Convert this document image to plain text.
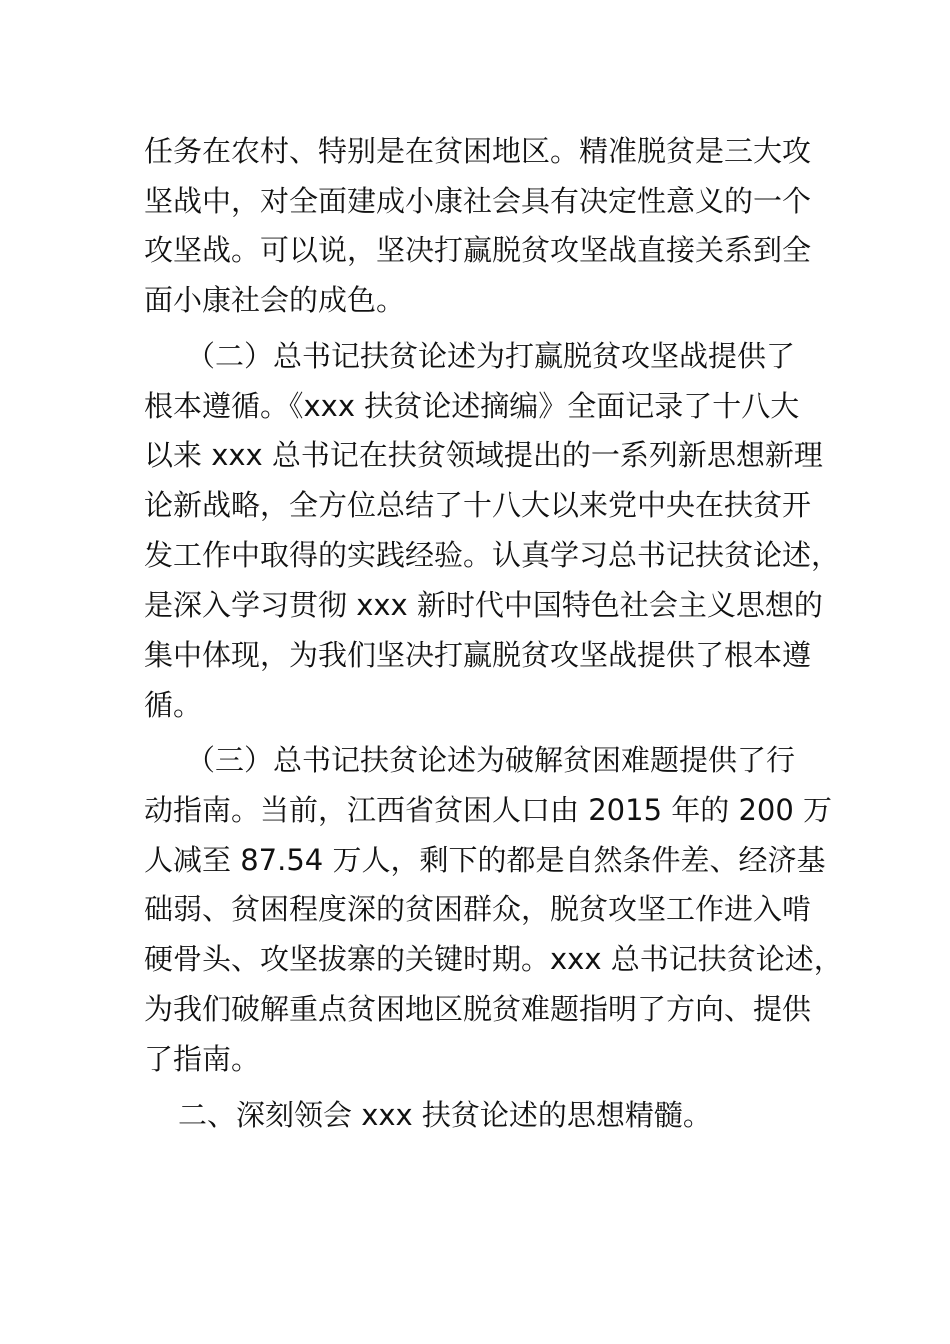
任务在农村、特别是在贫困地区。精准脱贫是三大攻

坚战中，对全面建成小康社会具有决定性意义的一个

攻坚战。可以说，坚决打赢脱贫攻坚战直接关系到全

面小康社会的成色。

（二）总书记扶贫论述为打赢脱贫攻坚战提供了

根本遵循。《xxx 扶贫论述摘编》全面记录了十八大

以来 xxx 总书记在扶贫领域提出的一系列新思想新理

论新战略，全方位总结了十八大以来党中央在扶贫开

发工作中取得的实践经验。认真学习总书记扶贫论述，

是深入学习贯彻 xxx 新时代中国特色社会主义思想的

集中体现，为我们坚决打赢脱贫攻坚战提供了根本遵

循。

（三）总书记扶贫论述为破解贫困难题提供了行

动指南。当前，江西省贫困人口由 2015 年的 200 万

人减至 87.54 万人，剩下的都是自然条件差、经济基

础弱、贫困程度深的贫困群众，脱贫攻坚工作进入啃

硬骨头、攻坚拔寨的关键时期。xxx 总书记扶贫论述，

为我们破解重点贫困地区脱贫难题指明了方向、提供

了指南。

二、深刻领会 xxx 扶贫论述的思想精髓。
